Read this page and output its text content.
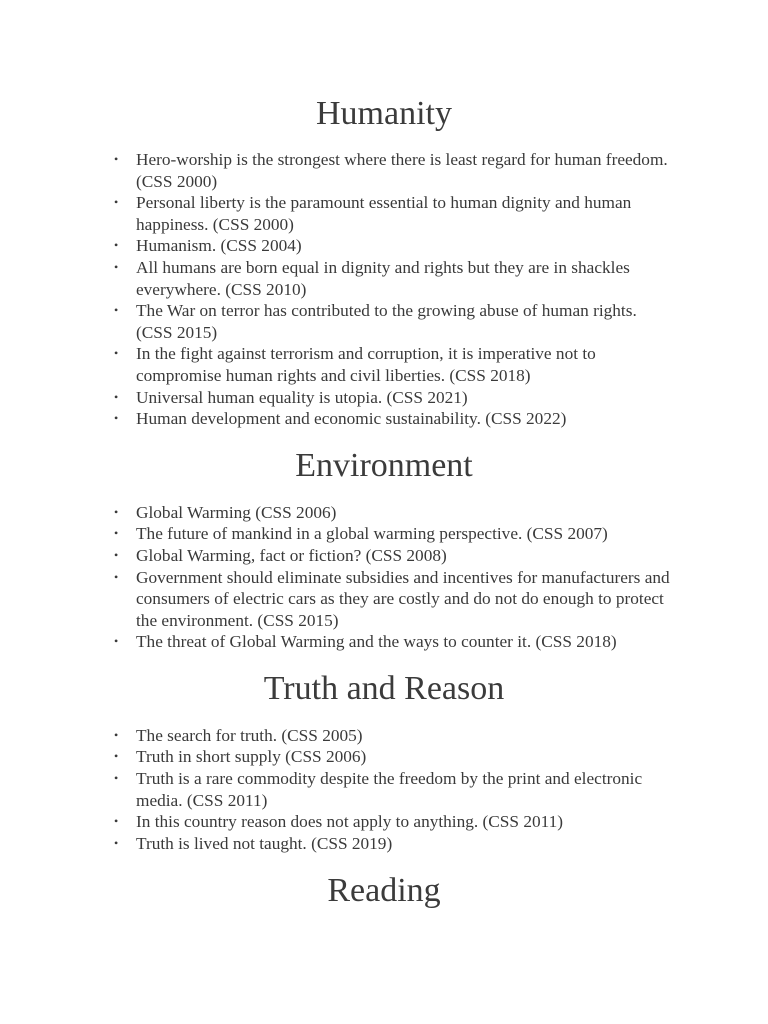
Humanity
• Hero-worship is the strongest where there is least regard for human freedom. (CSS 2000)
• Personal liberty is the paramount essential to human dignity and human happiness. (CSS 2000)
• Humanism. (CSS 2004)
• All humans are born equal in dignity and rights but they are in shackles everywhere. (CSS 2010)
• The War on terror has contributed to the growing abuse of human rights. (CSS 2015)
• In the fight against terrorism and corruption, it is imperative not to compromise human rights and civil liberties. (CSS 2018)
• Universal human equality is utopia. (CSS 2021)
• Human development and economic sustainability. (CSS 2022)
Environment
• Global Warming (CSS 2006)
• The future of mankind in a global warming perspective. (CSS 2007)
• Global Warming, fact or fiction? (CSS 2008)
• Government should eliminate subsidies and incentives for manufacturers and consumers of electric cars as they are costly and do not do enough to protect the environment. (CSS 2015)
• The threat of Global Warming and the ways to counter it. (CSS 2018)
Truth and Reason
• The search for truth. (CSS 2005)
• Truth in short supply (CSS 2006)
• Truth is a rare commodity despite the freedom by the print and electronic media. (CSS 2011)
• In this country reason does not apply to anything. (CSS 2011)
• Truth is lived not taught. (CSS 2019)
Reading
